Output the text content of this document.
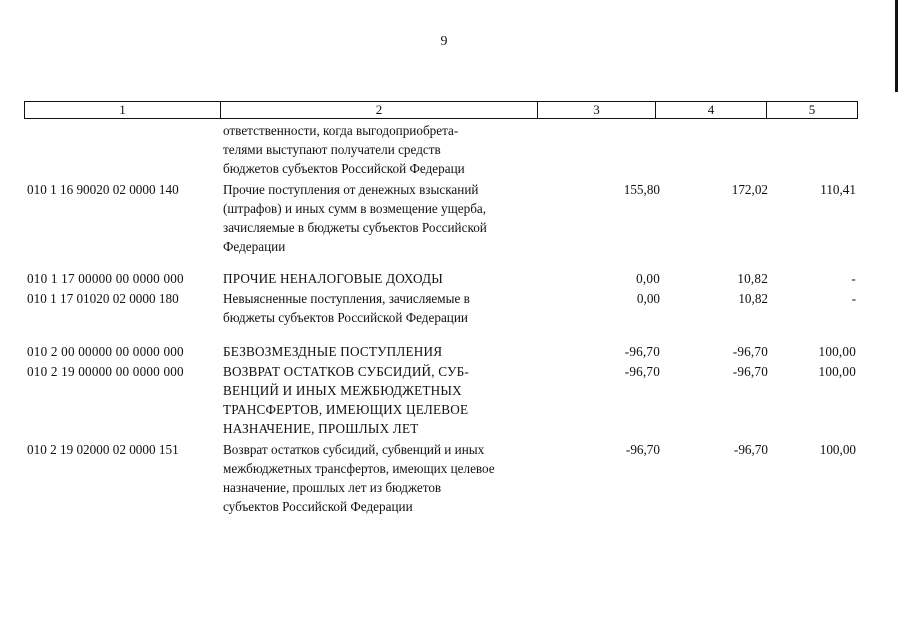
9
1	2	3	4	5
ответственности, когда выгодоприобрета-
телями выступают получатели средств
бюджетов субъектов Российской Федераци
010 1 16 90020 02 0000 140	Прочие поступления от денежных взысканий
(штрафов) и иных сумм в возмещение ущерба,
зачисляемые в бюджеты субъектов Российской
Федерации
155,80	172,02	110,41
010 1 17 00000 00 0000 000	ПРОЧИЕ НЕНАЛОГОВЫЕ ДОХОДЫ	0,00	10,82	-
010 1 17 01020 02 0000 180	Невыясненные поступления, зачисляемые в
бюджеты субъектов Российской Федерации
0,00	10,82	-
010 2 00 00000 00 0000 000	БЕЗВОЗМЕЗДНЫЕ ПОСТУПЛЕНИЯ	-96,70	-96,70	100,00
010 2 19 00000 00 0000 000	ВОЗВРАТ ОСТАТКОВ СУБСИДИЙ, СУБ-
ВЕНЦИЙ И ИНЫХ МЕЖБЮДЖЕТНЫХ
ТРАНСФЕРТОВ, ИМЕЮЩИХ ЦЕЛЕВОЕ
НАЗНАЧЕНИЕ, ПРОШЛЫХ ЛЕТ
-96,70	-96,70	100,00
010 2 19 02000 02 0000 151	Возврат остатков субсидий, субвенций и иных
межбюджетных трансфертов, имеющих целевое
назначение, прошлых лет из бюджетов
субъектов Российской Федерации
-96,70	-96,70	100,00
